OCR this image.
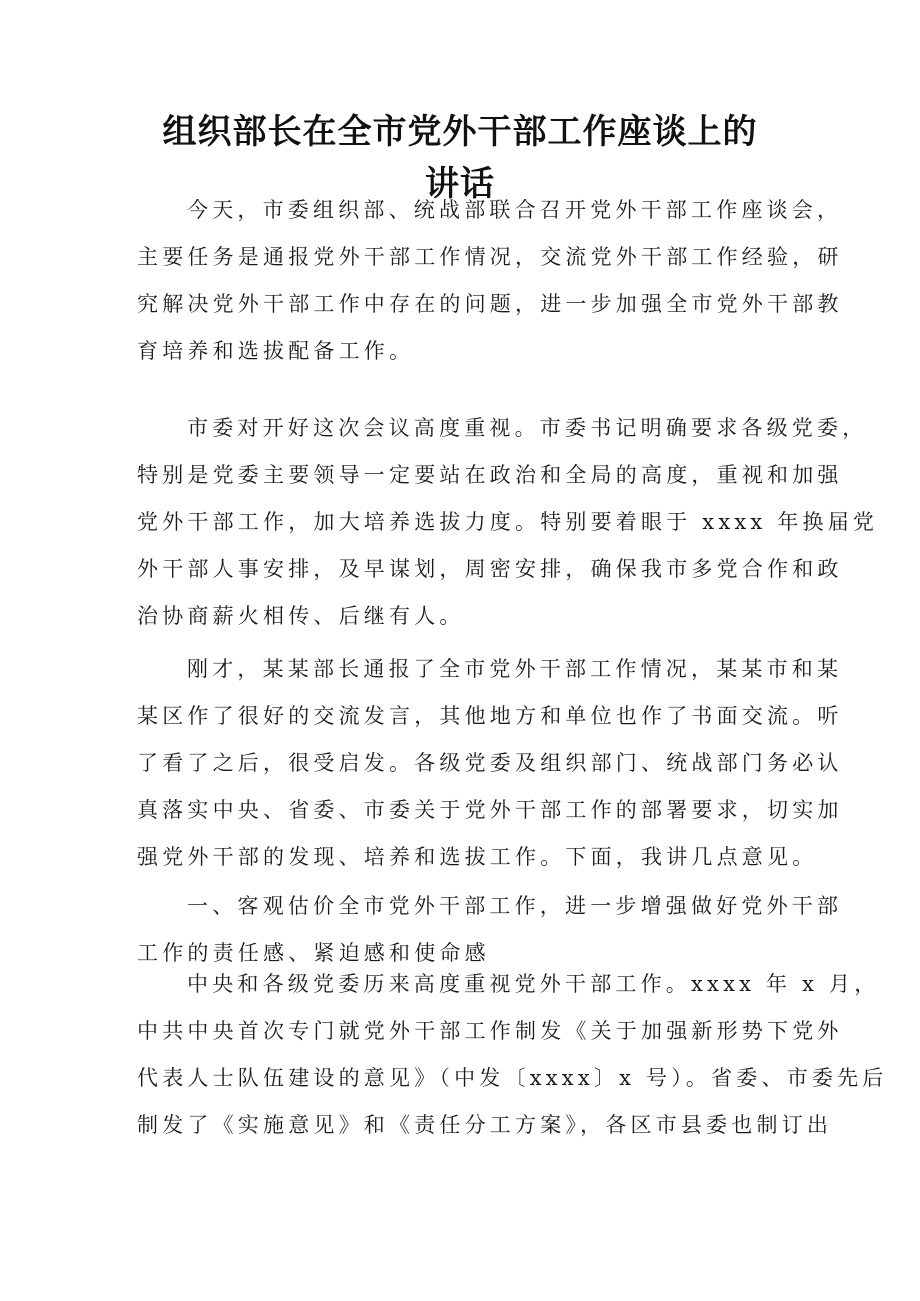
组织部长在全市党外干部工作座谈上的
讲话
今天，市委组织部、统战部联合召开党外干部工作座谈会，
主要任务是通报党外干部工作情况，交流党外干部工作经验，研
究解决党外干部工作中存在的问题，进一步加强全市党外干部教
育培养和选拔配备工作。
市委对开好这次会议高度重视。市委书记明确要求各级党委，
特别是党委主要领导一定要站在政治和全局的高度，重视和加强
党外干部工作，加大培养选拔力度。特别要着眼于 xxxx 年换届党
外干部人事安排，及早谋划，周密安排，确保我市多党合作和政
治协商薪火相传、后继有人。
刚才，某某部长通报了全市党外干部工作情况，某某市和某
某区作了很好的交流发言，其他地方和单位也作了书面交流。听
了看了之后，很受启发。各级党委及组织部门、统战部门务必认
真落实中央、省委、市委关于党外干部工作的部署要求，切实加
强党外干部的发现、培养和选拔工作。下面，我讲几点意见。
一、客观估价全市党外干部工作，进一步增强做好党外干部
工作的责任感、紧迫感和使命感
中央和各级党委历来高度重视党外干部工作。xxxx 年 x 月，
中共中央首次专门就党外干部工作制发《关于加强新形势下党外
代表人士队伍建设的意见》（中发〔xxxx〕x 号）。省委、市委先后
制发了《实施意见》和《责任分工方案》，各区市县委也制订出
